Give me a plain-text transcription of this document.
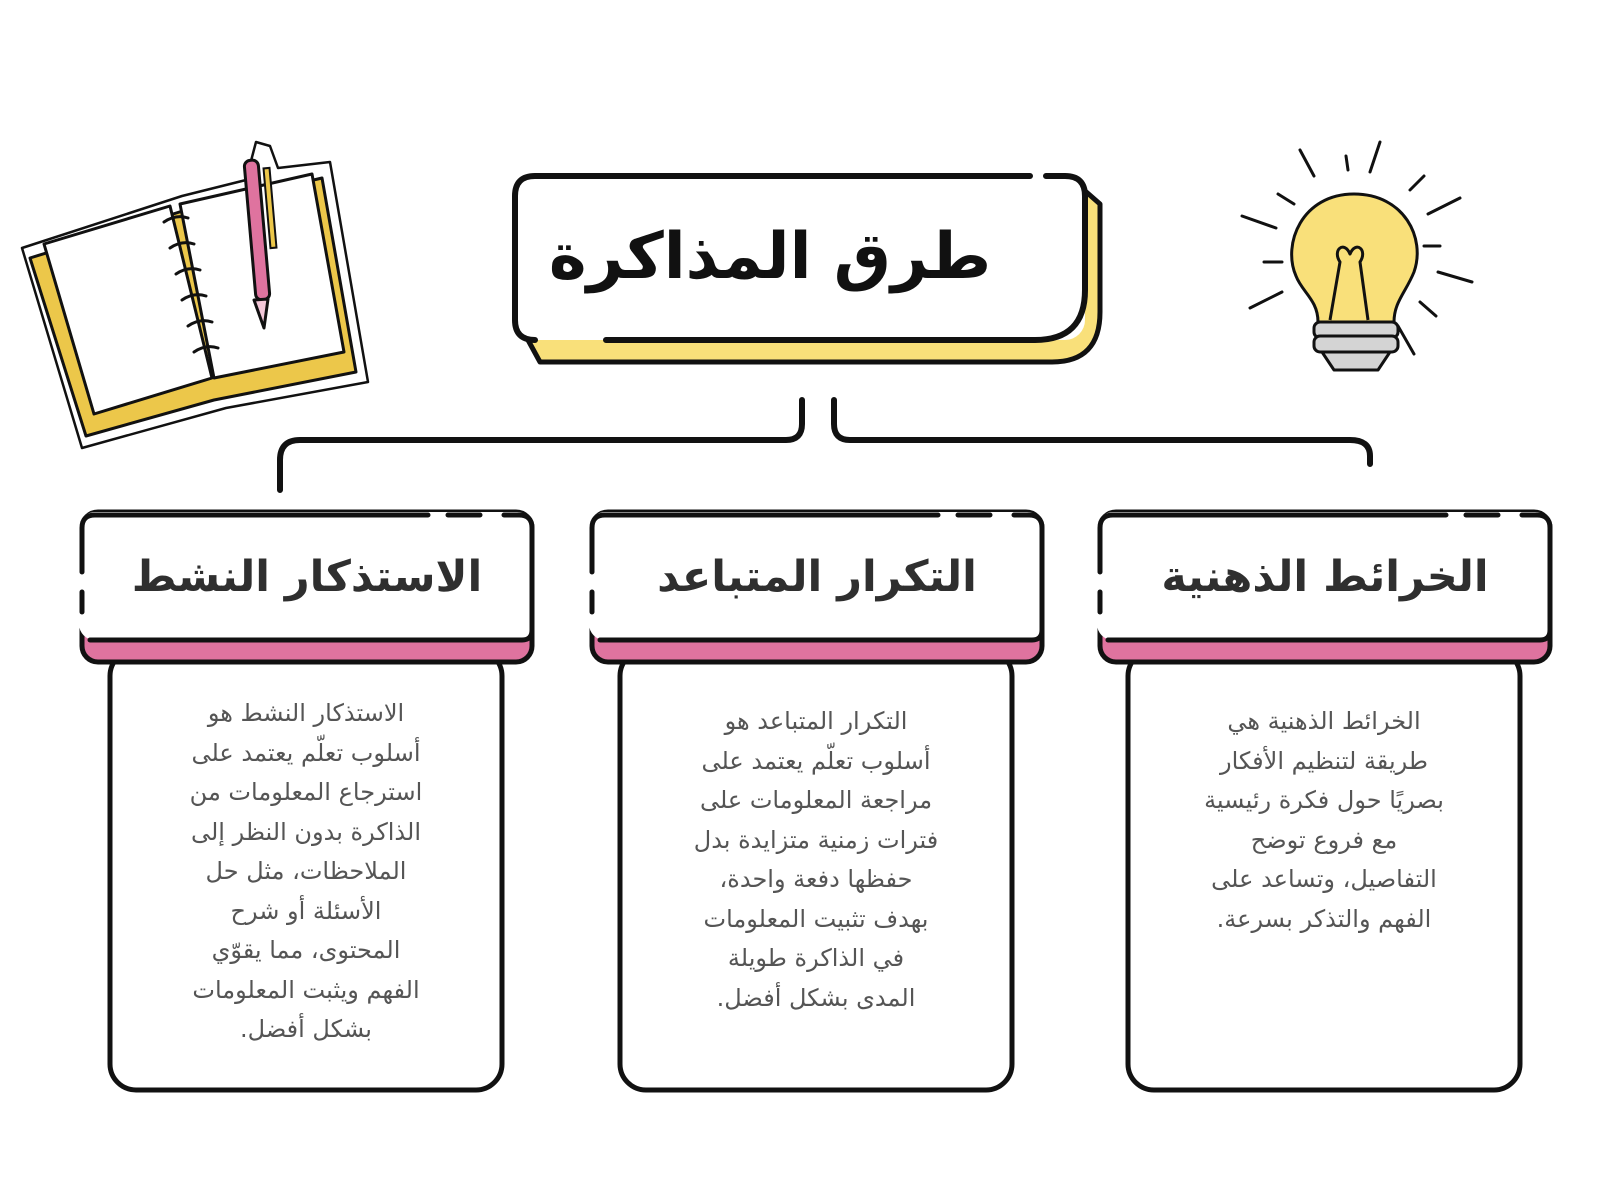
طرق المذاكرة
الخرائط الذهنية
الخرائط الذهنية هي
طريقة لتنظيم الأفكار
بصريًا حول فكرة رئيسية
مع فروع توضح
التفاصيل، وتساعد على
الفهم والتذكر بسرعة.
التكرار المتباعد
التكرار المتباعد هو
أسلوب تعلّم يعتمد على
مراجعة المعلومات على
فترات زمنية متزايدة بدل
حفظها دفعة واحدة،
بهدف تثبيت المعلومات
في الذاكرة طويلة
المدى بشكل أفضل.
الاستذكار النشط
الاستذكار النشط هو
أسلوب تعلّم يعتمد على
استرجاع المعلومات من
الذاكرة بدون النظر إلى
الملاحظات، مثل حل
الأسئلة أو شرح
المحتوى، مما يقوّي
الفهم ويثبت المعلومات
بشكل أفضل.
